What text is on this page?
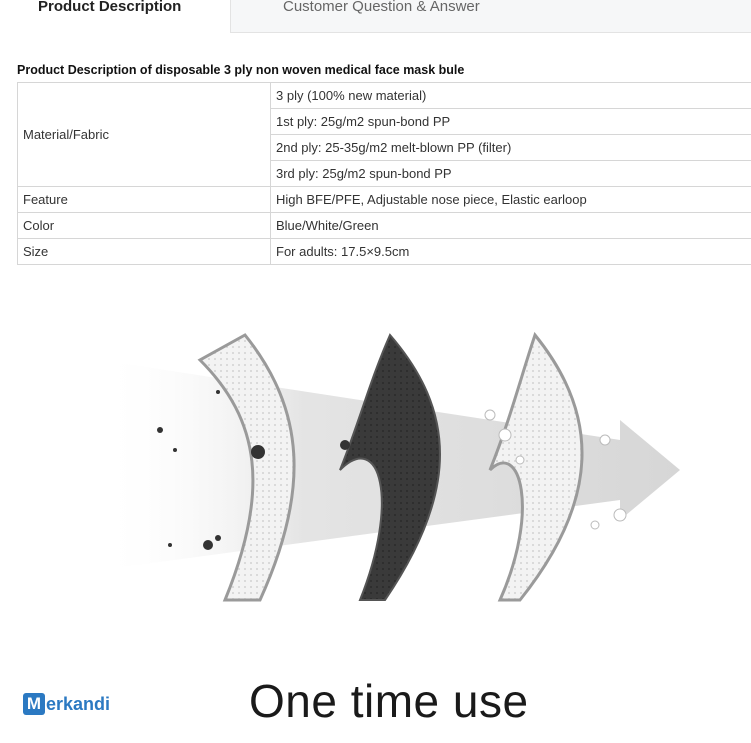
Product Description	Customer Question & Answer
Product Description of disposable 3 ply non woven medical face mask bule
Material/Fabric	3 ply (100% new material)
	1st ply: 25g/m2 spun-bond PP
	2nd ply: 25-35g/m2 melt-blown PP (filter)
	3rd ply: 25g/m2 spun-bond PP
Feature	High BFE/PFE, Adjustable nose piece, Elastic earloop
Color	Blue/White/Green
Size	For adults: 17.5×9.5cm
M erkandi	One time use
